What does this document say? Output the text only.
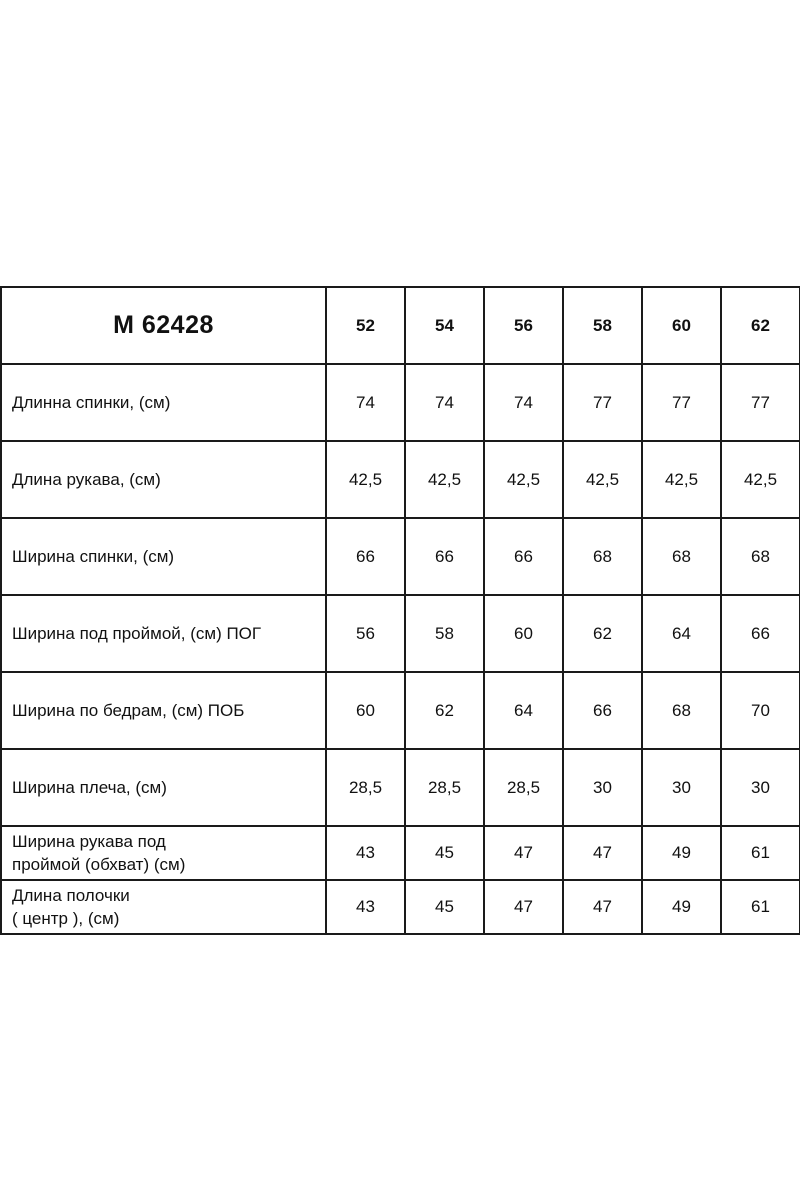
М 62428	52	54	56	58	60	62
Длинна спинки, (см)	74	74	74	77	77	77
Длина рукава, (см)	42,5	42,5	42,5	42,5	42,5	42,5
Ширина спинки, (см)	66	66	66	68	68	68
Ширина под проймой, (см) ПОГ	56	58	60	62	64	66
Ширина по бедрам, (см) ПОБ	60	62	64	66	68	70
Ширина плеча, (см)	28,5	28,5	28,5	30	30	30
Ширина рукава под
проймой (обхват) (см)	43	45	47	47	49	61
Длина полочки
( центр ), (см)	43	45	47	47	49	61
